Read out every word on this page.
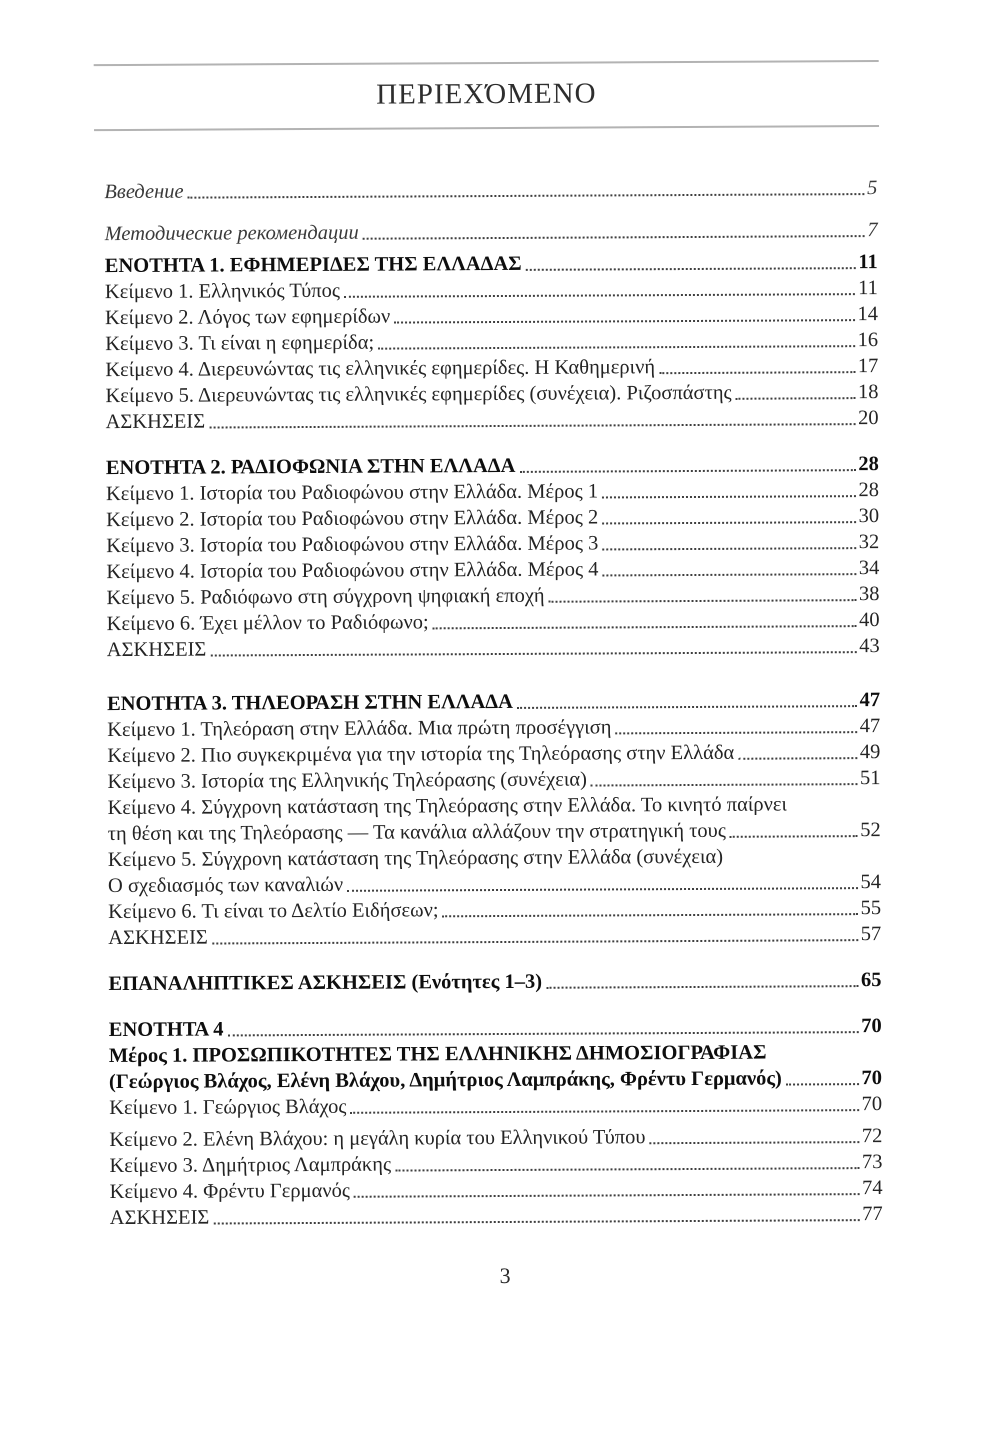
ΠΕΡΙΕΧΌΜΕΝΟ
Введение	5
Методические рекомендации	7
ΕΝΟΤΗΤΑ 1. ΕΦΗΜΕΡΙΔΕΣ ΤΗΣ ΕΛΛΑΔΑΣ	11
Κείμενο 1. Ελληνικός Τύπος	11
Κείμενο 2. Λόγος των εφημερίδων	14
Κείμενο 3. Τι είναι η εφημερίδα;	16
Κείμενο 4. Διερευνώντας τις ελληνικές εφημερίδες. Η Καθημερινή	17
Κείμενο 5. Διερευνώντας τις ελληνικές εφημερίδες (συνέχεια). Ριζοσπάστης	18
ΑΣΚΗΣΕΙΣ	20
ΕΝΟΤΗΤΑ 2. ΡΑΔΙΟΦΩΝΙΑ ΣΤΗΝ ΕΛΛΑΔΑ	28
Κείμενο 1. Ιστορία του Ραδιοφώνου στην Ελλάδα. Μέρος 1	28
Κείμενο 2. Ιστορία του Ραδιοφώνου στην Ελλάδα. Μέρος 2	30
Κείμενο 3. Ιστορία του Ραδιοφώνου στην Ελλάδα. Μέρος 3	32
Κείμενο 4. Ιστορία του Ραδιοφώνου στην Ελλάδα. Μέρος 4	34
Κείμενο 5. Ραδιόφωνο στη σύγχρονη ψηφιακή εποχή	38
Κείμενο 6. Έχει μέλλον το Ραδιόφωνο;	40
ΑΣΚΗΣΕΙΣ	43
ΕΝΟΤΗΤΑ 3. ΤΗΛΕΟΡΑΣΗ ΣΤΗΝ ΕΛΛΑΔΑ	47
Κείμενο 1. Τηλεόραση στην Ελλάδα. Μια πρώτη προσέγγιση	47
Κείμενο 2. Πιο συγκεκριμένα για την ιστορία της Τηλεόρασης στην Ελλάδα	49
Κείμενο 3. Ιστορία της Ελληνικής Τηλεόρασης (συνέχεια)	51
Κείμενο 4. Σύγχρονη κατάσταση της Τηλεόρασης στην Ελλάδα. Το κινητό παίρνει
τη θέση και της Τηλεόρασης — Τα κανάλια αλλάζουν την στρατηγική τους	52
Κείμενο 5. Σύγχρονη κατάσταση της Τηλεόρασης στην Ελλάδα (συνέχεια)
Ο σχεδιασμός των καναλιών	54
Κείμενο 6. Τι είναι το Δελτίο Ειδήσεων;	55
ΑΣΚΗΣΕΙΣ	57
ΕΠΑΝΑΛΗΠΤΙΚΕΣ ΑΣΚΗΣΕΙΣ (Ενότητες 1–3)	65
ΕΝΟΤΗΤΑ 4	70
Μέρος 1. ΠΡΟΣΩΠΙΚΟΤΗΤΕΣ ΤΗΣ ΕΛΛΗΝΙΚΗΣ ΔΗΜΟΣΙΟΓΡΑΦΙΑΣ
(Γεώργιος Βλάχος, Ελένη Βλάχου, Δημήτριος Λαμπράκης, Φρέντυ Γερμανός)	70
Κείμενο 1. Γεώργιος Βλάχος	70
Κείμενο 2. Ελένη Βλάχου: η μεγάλη κυρία του Ελληνικού Τύπου	72
Κείμενο 3. Δημήτριος Λαμπράκης	73
Κείμενο 4. Φρέντυ Γερμανός	74
ΑΣΚΗΣΕΙΣ	77
3
